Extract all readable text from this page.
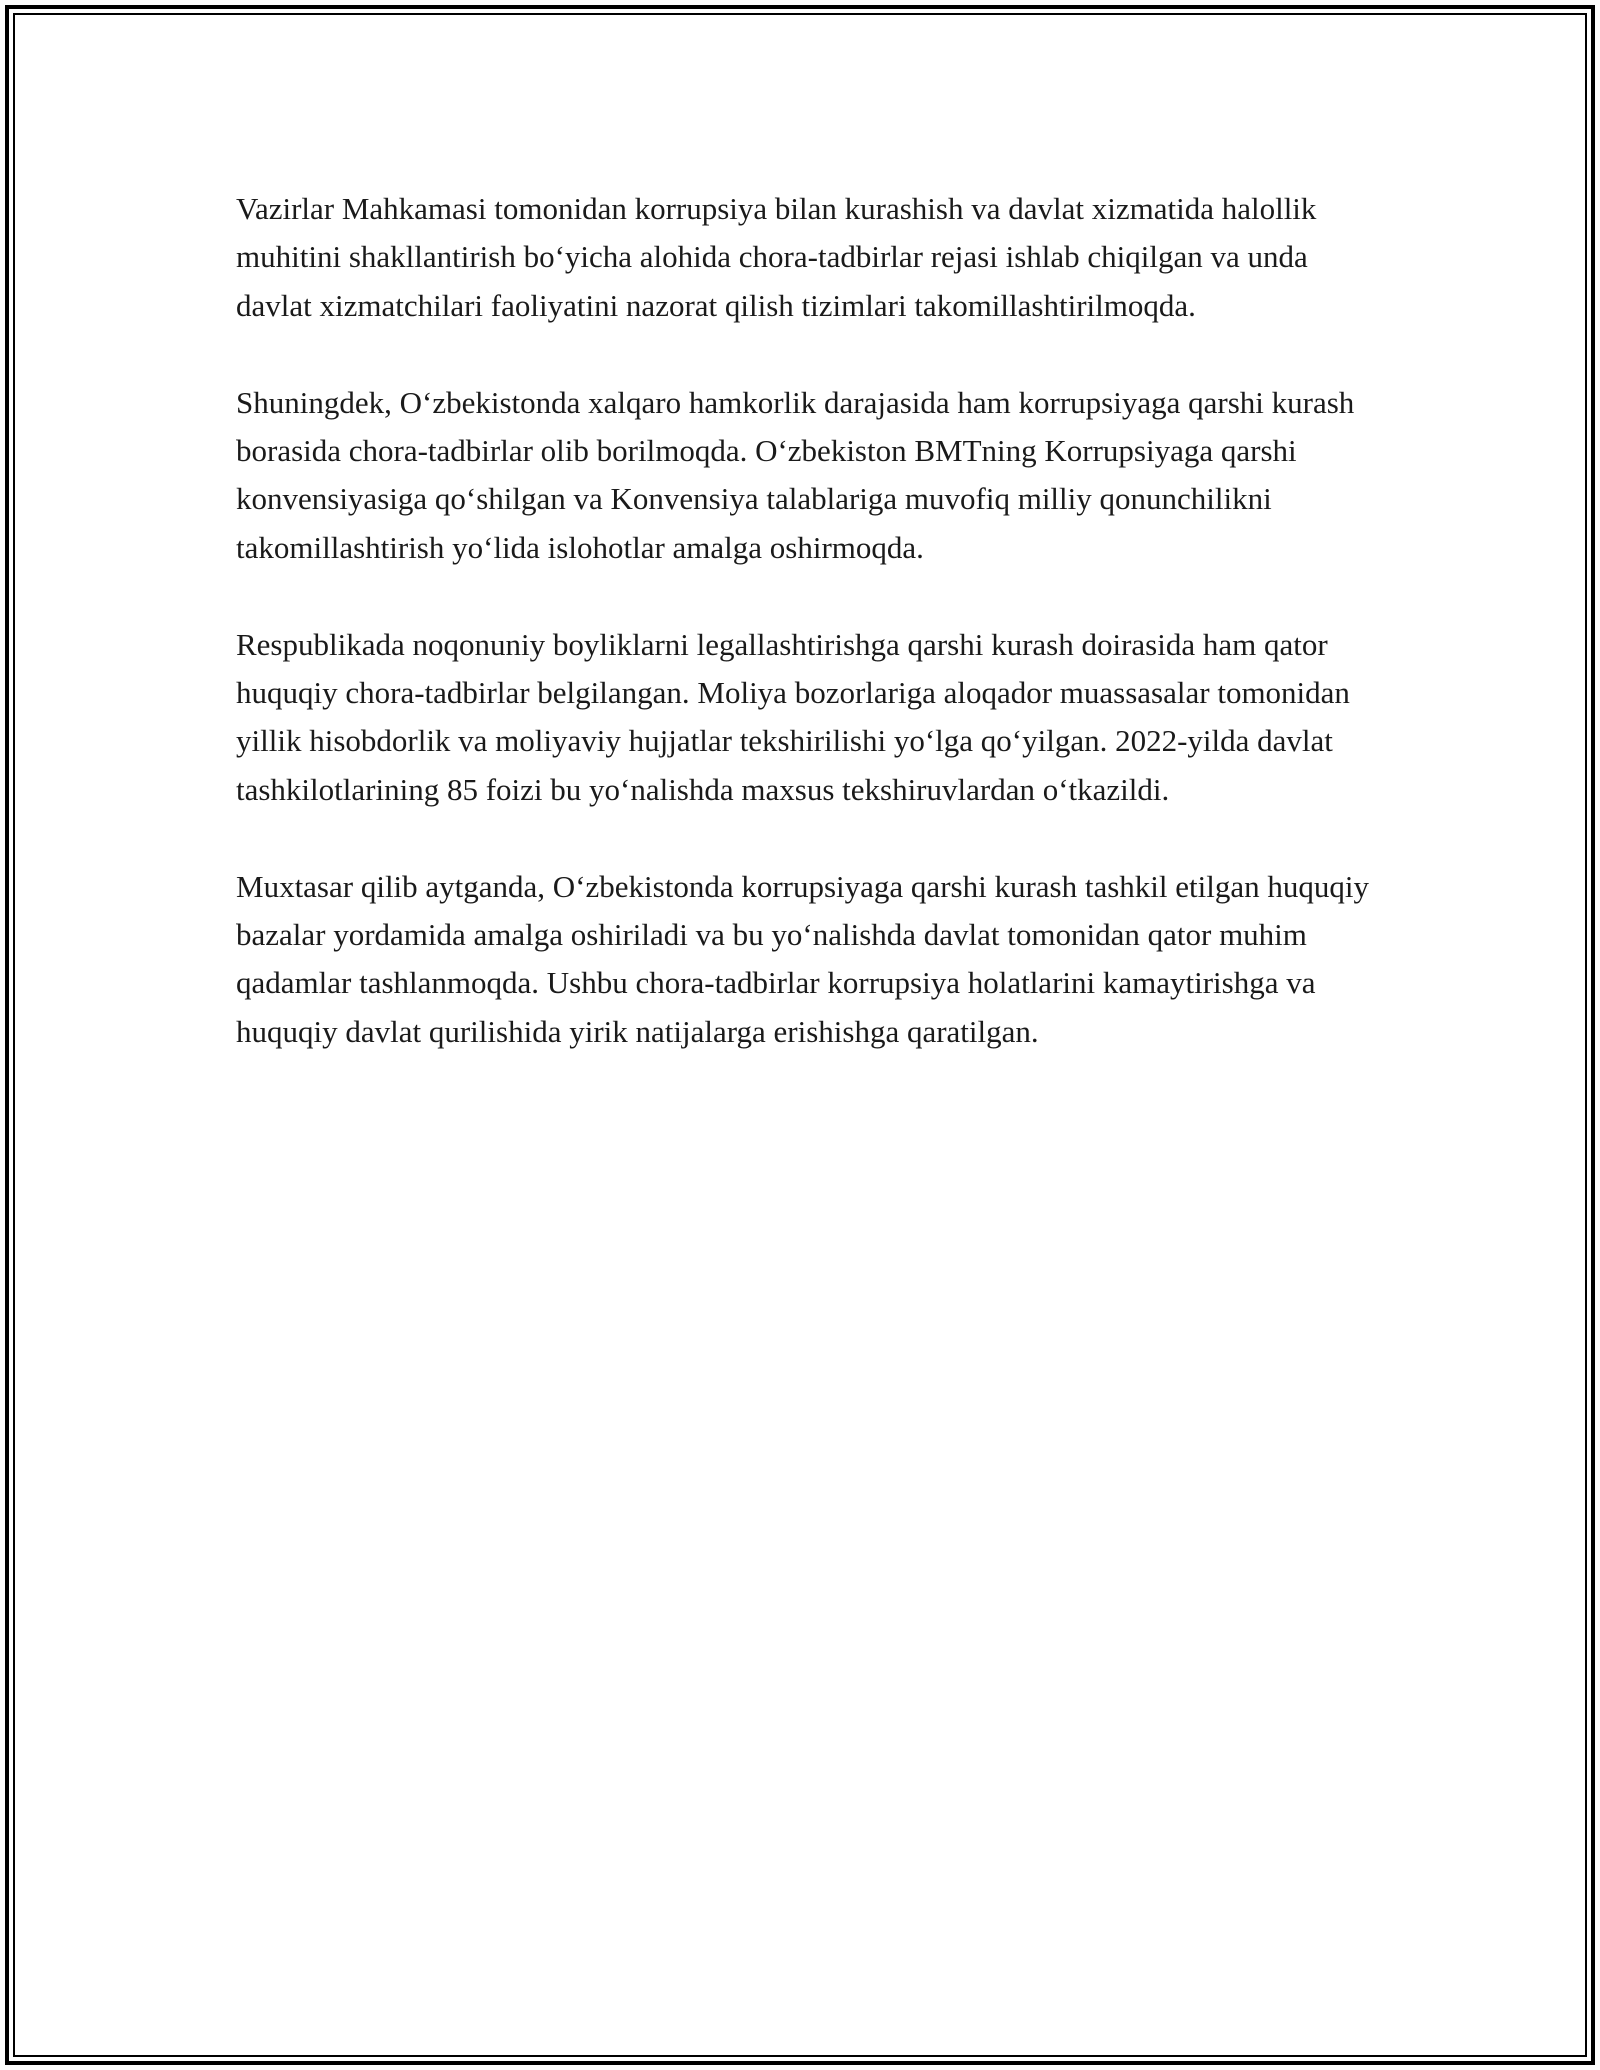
Vazirlar Mahkamasi tomonidan korrupsiya bilan kurashish va davlat xizmatida halollik muhitini shakllantirish bo‘yicha alohida chora-tadbirlar rejasi ishlab chiqilgan va unda davlat xizmatchilari faoliyatini nazorat qilish tizimlari takomillashtirilmoqda.

Shuningdek, O‘zbekistonda xalqaro hamkorlik darajasida ham korrupsiyaga qarshi kurash borasida chora-tadbirlar olib borilmoqda. O‘zbekiston BMTning Korrupsiyaga qarshi konvensiyasiga qo‘shilgan va Konvensiya talablariga muvofiq milliy qonunchilikni takomillashtirish yo‘lida islohotlar amalga oshirmoqda.

Respublikada noqonuniy boyliklarni legallashtirishga qarshi kurash doirasida ham qator huquqiy chora-tadbirlar belgilangan. Moliya bozorlariga aloqador muassasalar tomonidan yillik hisobdorlik va moliyaviy hujjatlar tekshirilishi yo‘lga qo‘yilgan. 2022-yilda davlat tashkilotlarining 85 foizi bu yo‘nalishda maxsus tekshiruvlardan o‘tkazildi.

Muxtasar qilib aytganda, O‘zbekistonda korrupsiyaga qarshi kurash tashkil etilgan huquqiy bazalar yordamida amalga oshiriladi va bu yo‘nalishda davlat tomonidan qator muhim qadamlar tashlanmoqda. Ushbu chora-tadbirlar korrupsiya holatlarini kamaytirishga va huquqiy davlat qurilishida yirik natijalarga erishishga qaratilgan.
